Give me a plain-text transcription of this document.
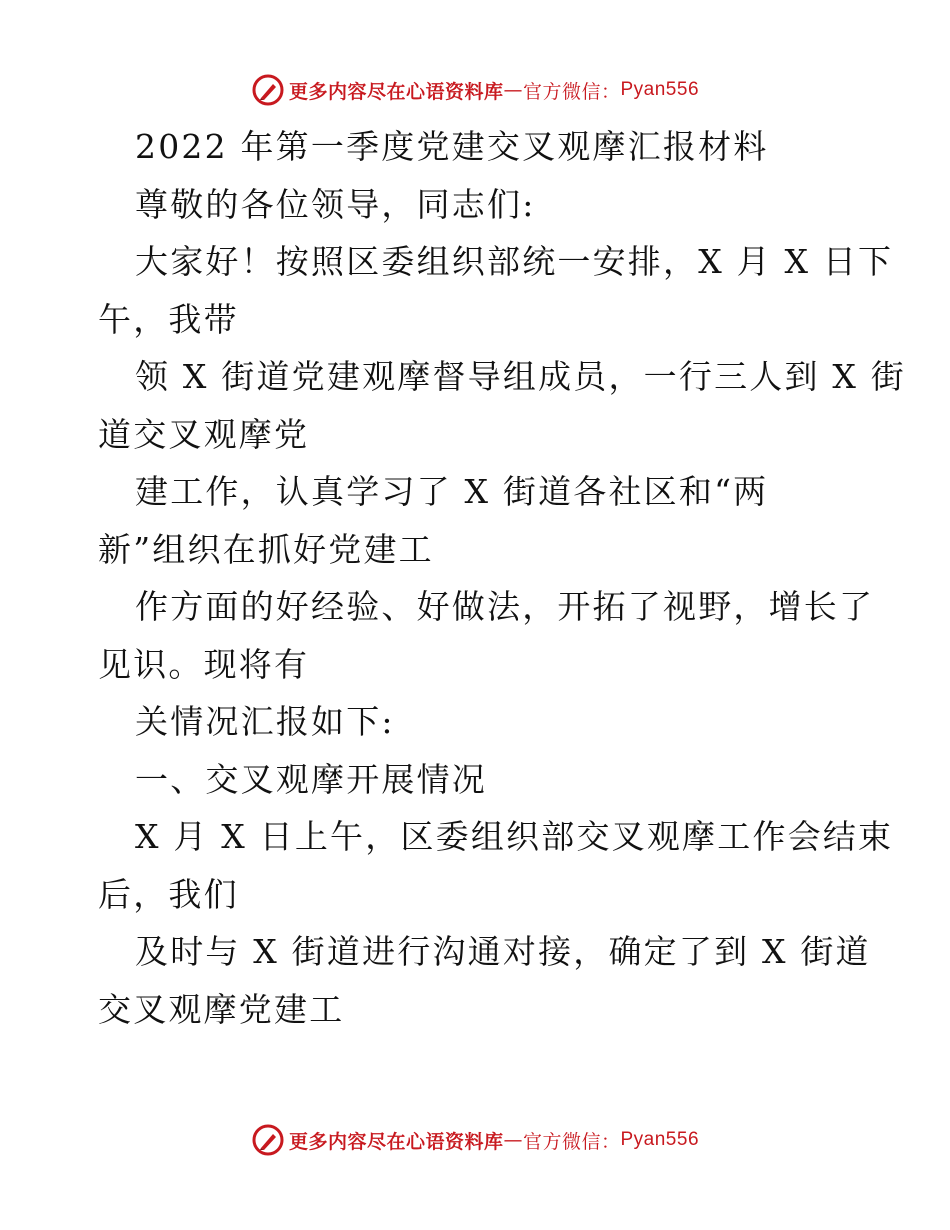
更多内容尽在心语资料库 — 官方微信： Pyan556
2022 年第一季度党建交叉观摩汇报材料
尊敬的各位领导，同志们:
大家好！按照区委组织部统一安排，X 月 X 日下
午，我带
领 X 街道党建观摩督导组成员，一行三人到 X 街
道交叉观摩党
建工作，认真学习了 X 街道各社区和“两
新”组织在抓好党建工
作方面的好经验、好做法，开拓了视野，增长了
见识。现将有
关情况汇报如下:
一、交叉观摩开展情况
X 月 X 日上午，区委组织部交叉观摩工作会结束
后，我们
及时与 X 街道进行沟通对接，确定了到 X 街道
交叉观摩党建工
更多内容尽在心语资料库 — 官方微信： Pyan556
